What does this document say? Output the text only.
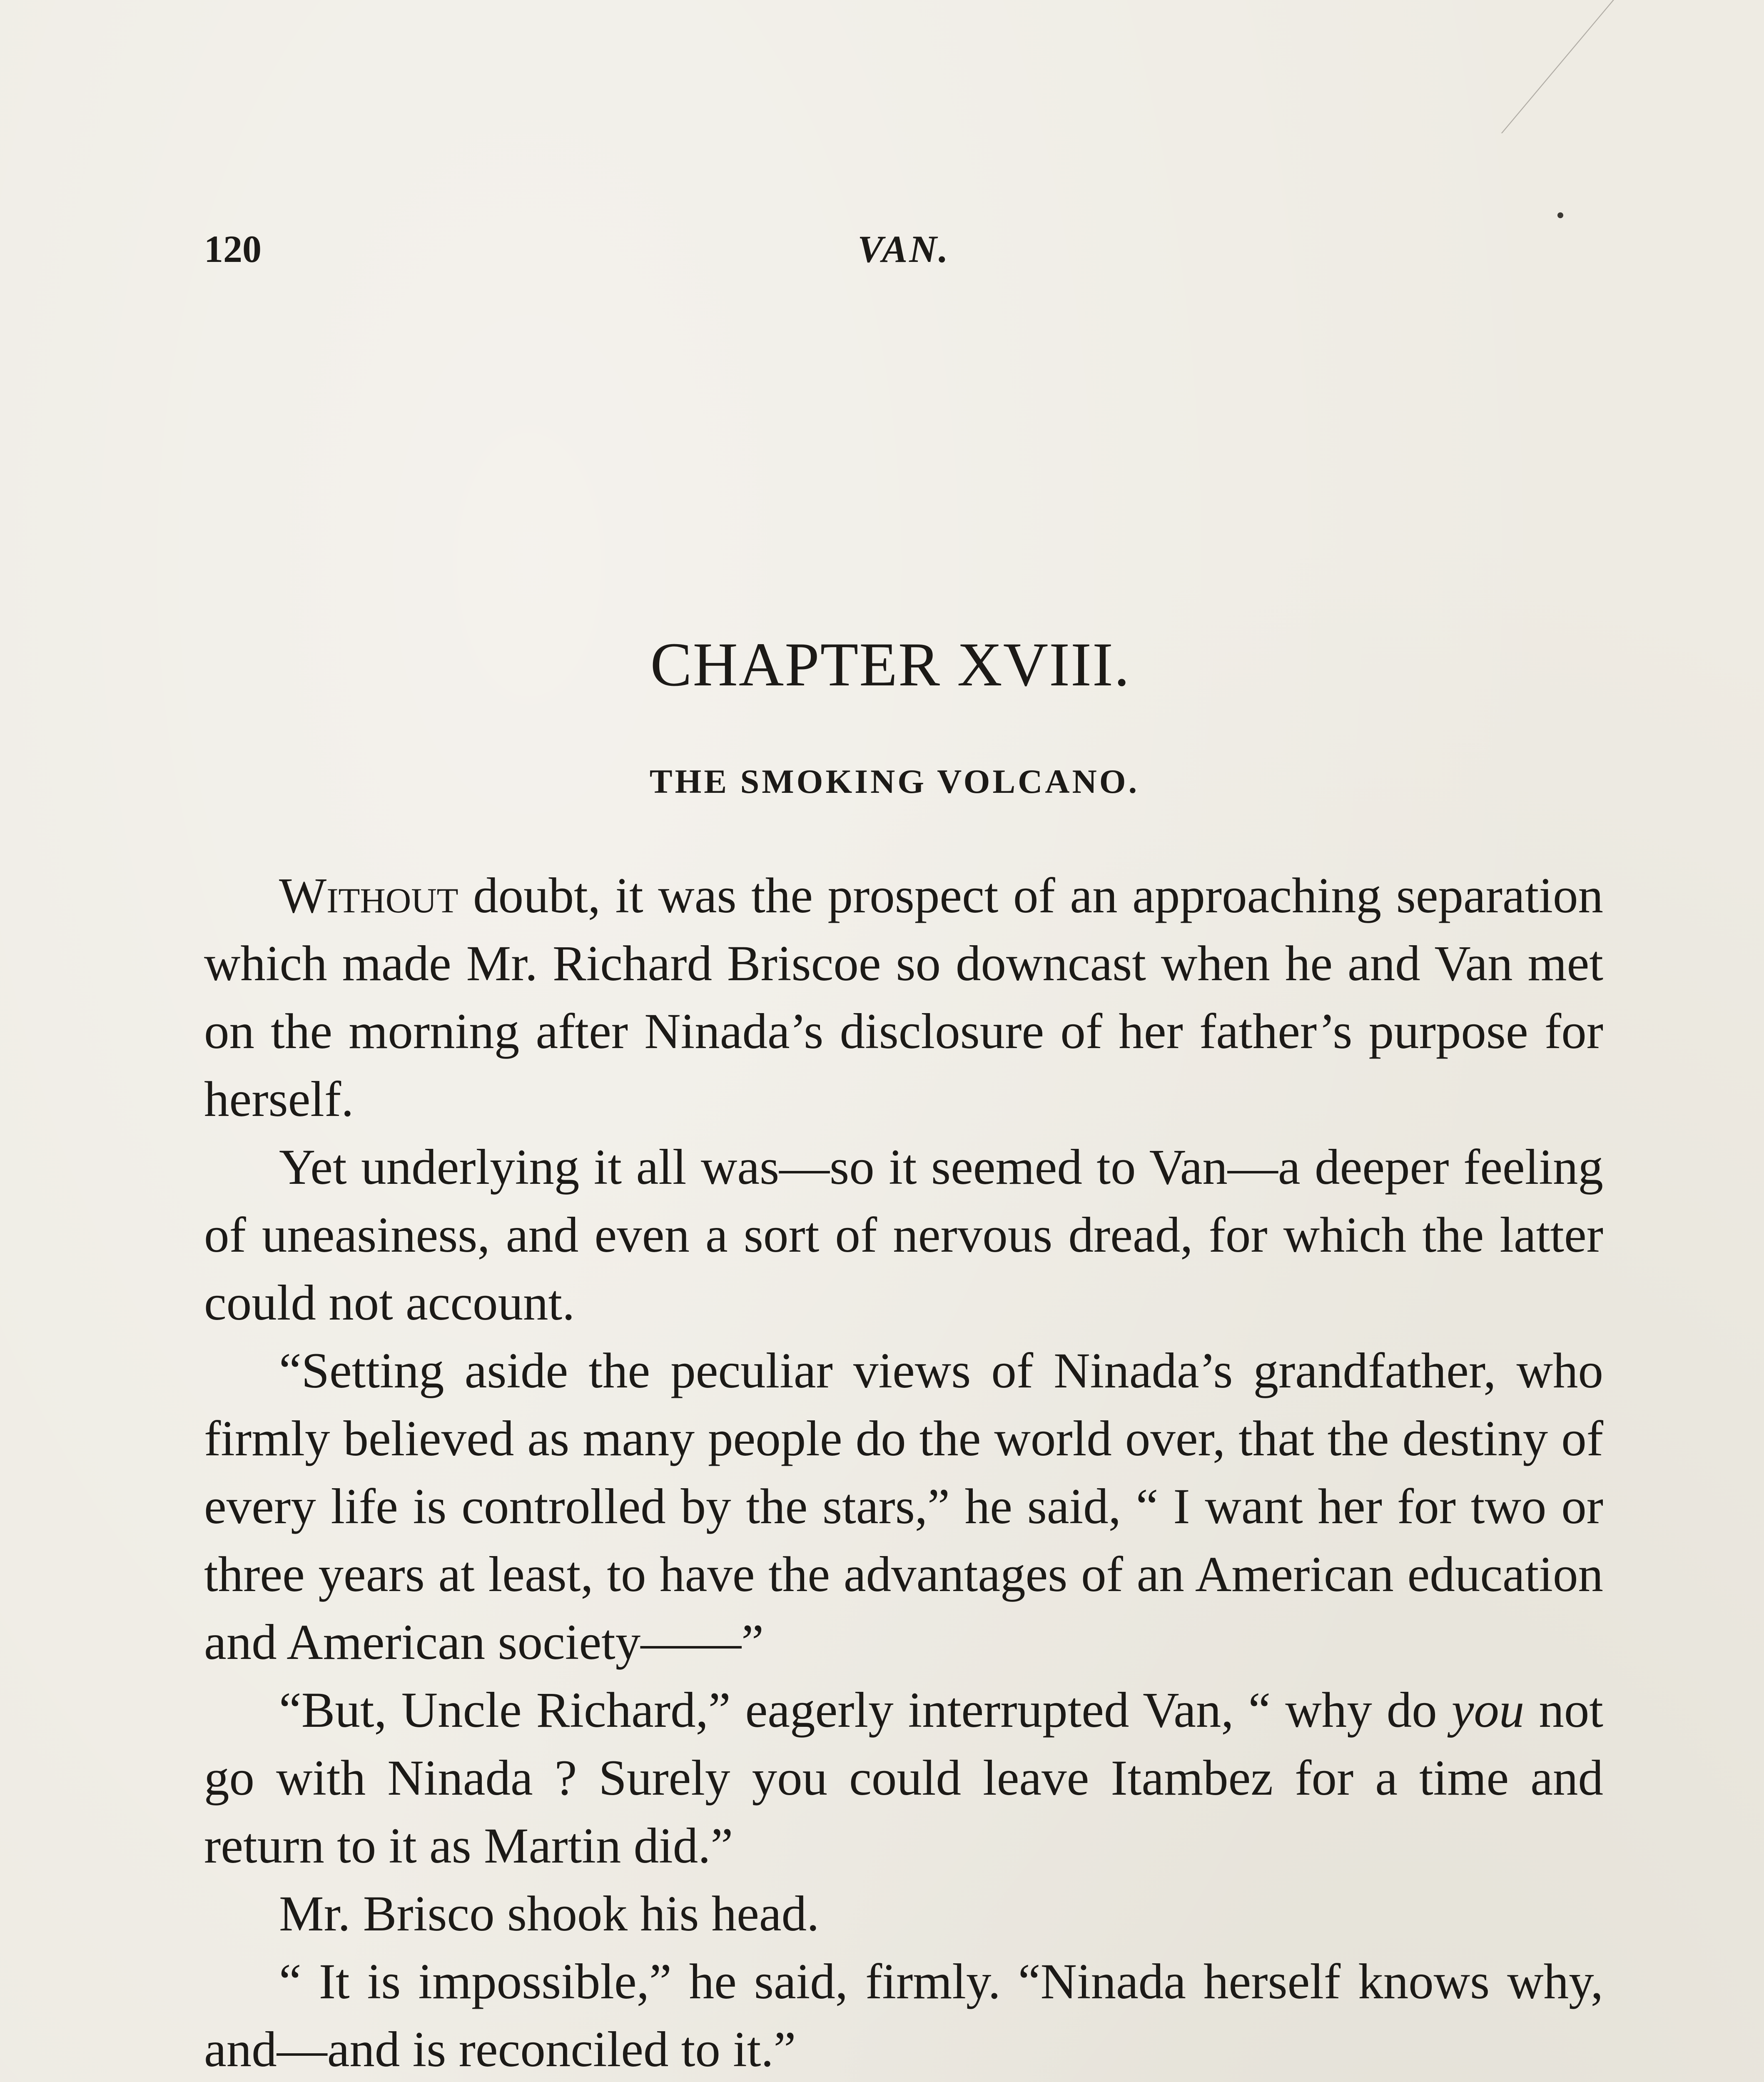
120	VAN.
CHAPTER XVIII.
THE SMOKING VOLCANO.

Without doubt, it was the prospect of an approaching separation which made Mr. Richard Briscoe so downcast when he and Van met on the morning after Ninada’s disclosure of her father’s purpose for herself.

Yet underlying it all was—so it seemed to Van—a deeper feeling of uneasiness, and even a sort of nervous dread, for which the latter could not account.

“Setting aside the peculiar views of Ninada’s grandfather, who firmly believed as many people do the world over, that the destiny of every life is controlled by the stars,” he said, “ I want her for two or three years at least, to have the advantages of an American education and American society——”

“But, Uncle Richard,” eagerly interrupted Van, “ why do you not go with Ninada ? Surely you could leave Itambez for a time and return to it as Martin did.”

Mr. Brisco shook his head.

“ It is impossible,” he said, firmly. “Ninada herself knows why, and—and is reconciled to it.”
